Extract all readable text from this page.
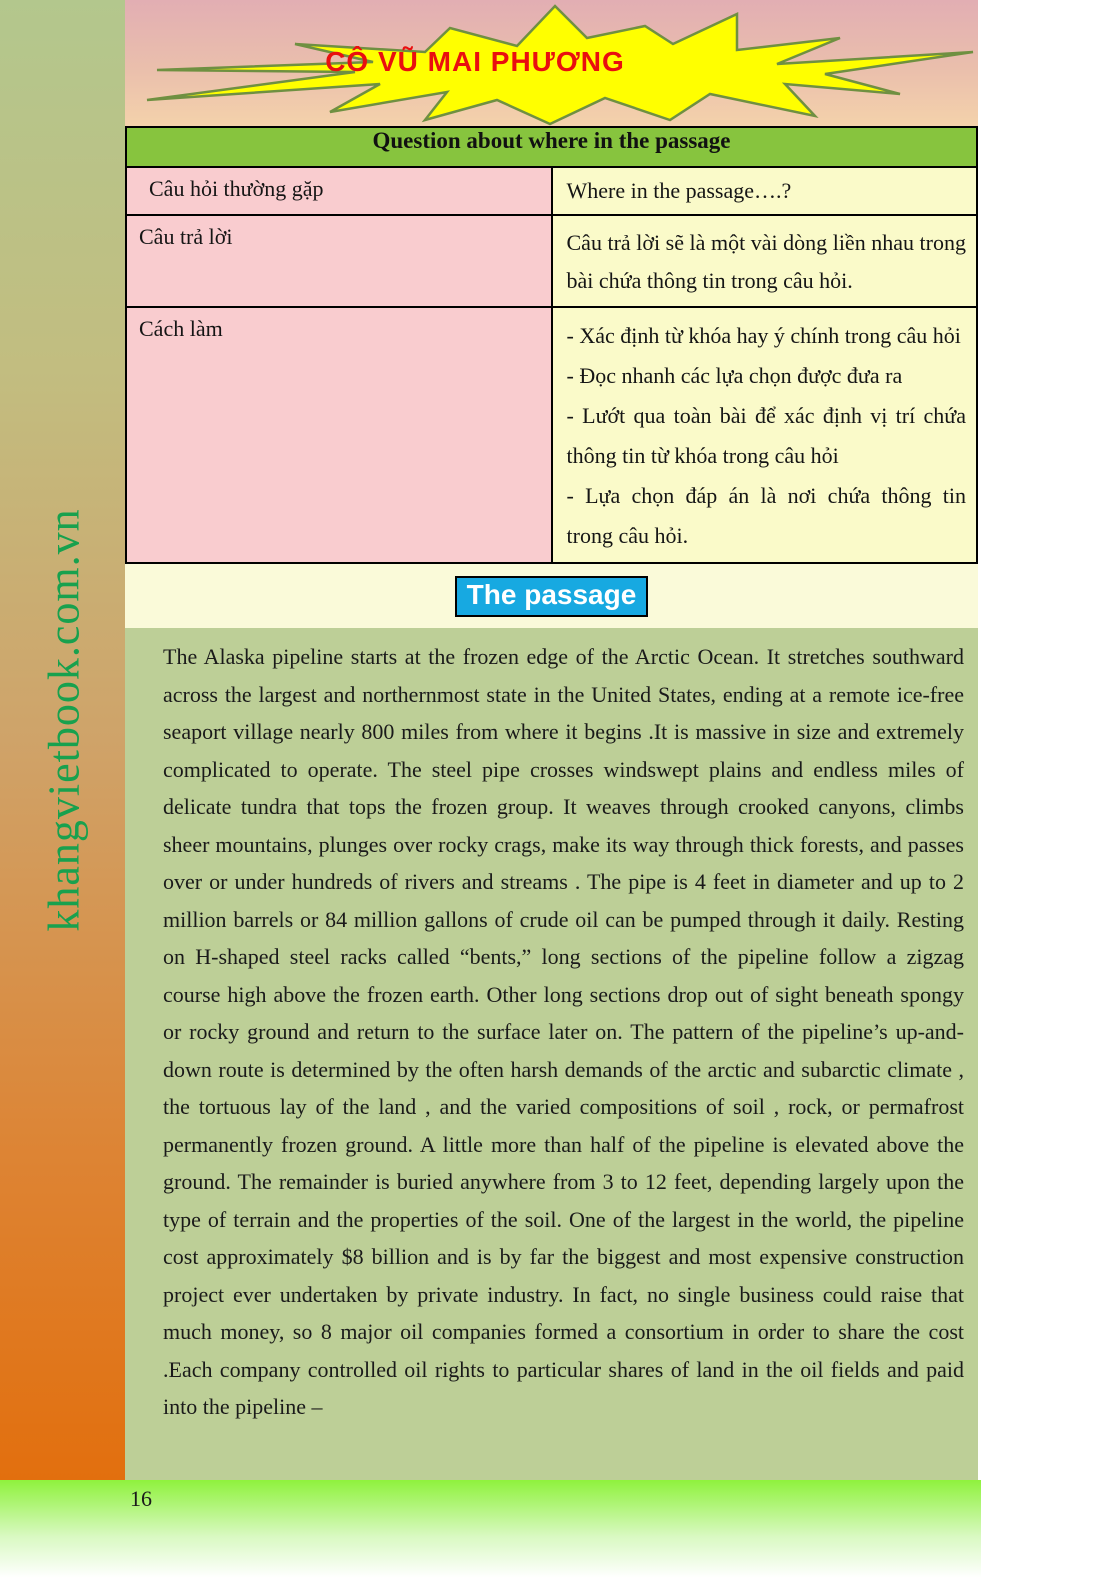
khangvietbook.com.vn
CÔ VŨ MAI PHƯƠNG
Question about where in the passage	

Câu hỏi thường gặp	Where in the passage….?

Câu trả lời	Câu trả lời sẽ là một vài dòng liền nhau trong bài chứa thông tin trong câu hỏi.

Cách làm	- Xác định từ khóa hay ý chính trong câu hỏi

- Đọc nhanh các lựa chọn được đưa ra

- Lướt qua toàn bài để xác định vị trí chứa thông tin từ khóa trong câu hỏi

- Lựa chọn đáp án là nơi chứa thông tin trong câu hỏi.

The passage

The Alaska pipeline starts at the frozen edge of the Arctic Ocean. It stretches southward across the largest and northernmost state in the United States, ending at a remote ice-free seaport village nearly 800 miles from where it begins .It is massive in size and extremely complicated to operate. The steel pipe crosses windswept plains and endless miles of delicate tundra that tops the frozen group. It weaves through crooked canyons, climbs sheer mountains, plunges over rocky crags, make its way through thick forests, and passes over or under hundreds of rivers and streams . The pipe is 4 feet in diameter and up to 2 million barrels or 84 million gallons of crude oil can be pumped through it daily. Resting on H-shaped steel racks called “bents,” long sections of the pipeline follow a zigzag course high above the frozen earth. Other long sections drop out of sight beneath spongy or rocky ground and return to the surface later on. The pattern of the pipeline’s up-and-down route is determined by the often harsh demands of the arctic and subarctic climate , the tortuous lay of the land , and the varied compositions of soil , rock, or permafrost permanently frozen ground. A little more than half of the pipeline is elevated above the ground. The remainder is buried anywhere from 3 to 12 feet, depending largely upon the type of terrain and the properties of the soil. One of the largest in the world, the pipeline cost approximately $8 billion and is by far the biggest and most expensive construction project ever undertaken by private industry. In fact, no single business could raise that much money, so 8 major oil companies formed a consortium in order to share the cost .Each company controlled oil rights to particular shares of land in the oil fields and paid into the pipeline –

16
